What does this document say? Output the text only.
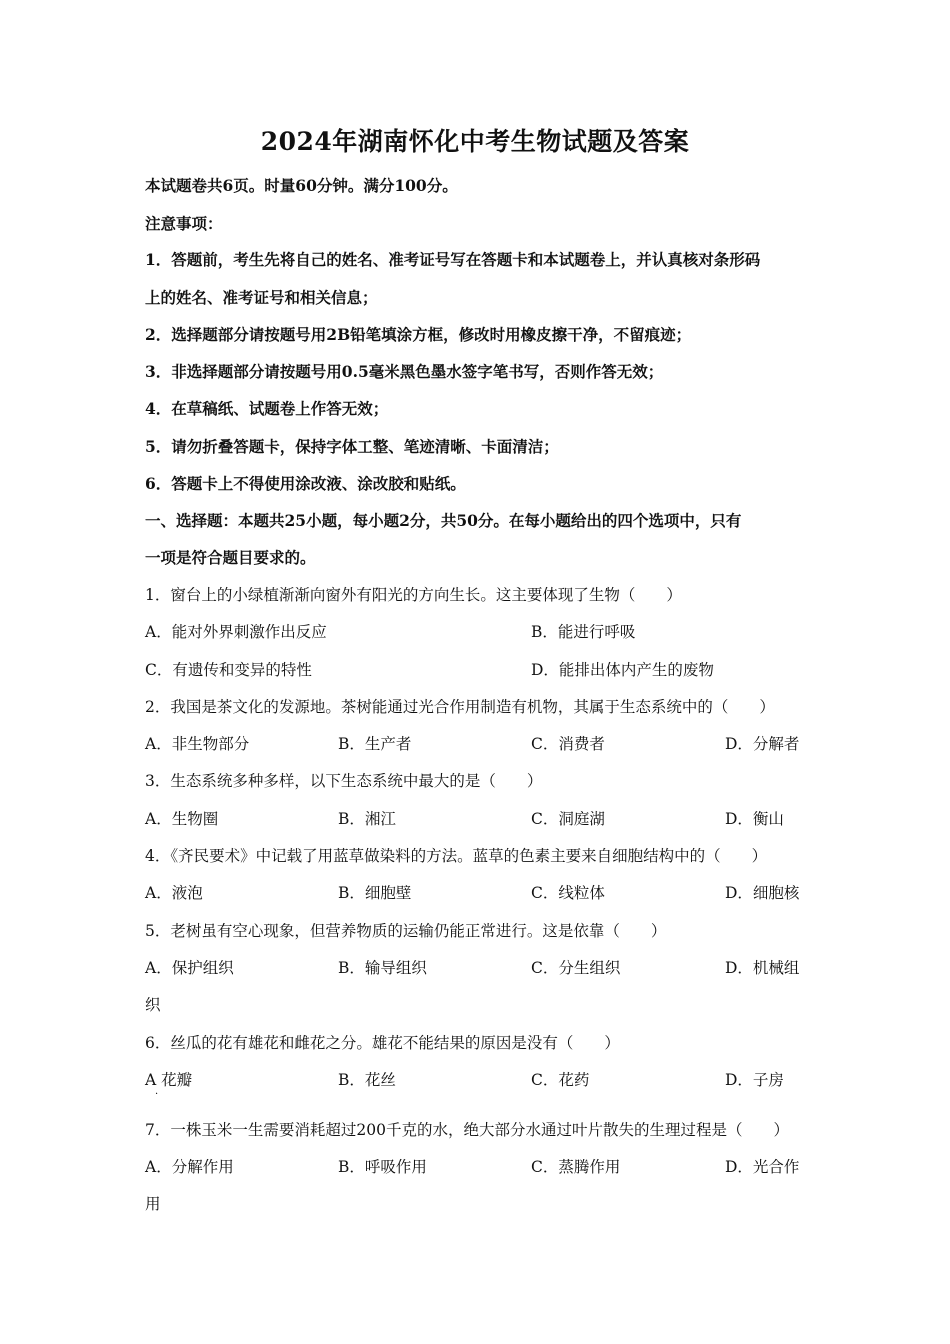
2024年湖南怀化中考生物试题及答案
本试题卷共6页。时量60分钟。满分100分。
注意事项：
1．答题前，考生先将自己的姓名、准考证号写在答题卡和本试题卷上，并认真核对条形码
上的姓名、准考证号和相关信息；
2．选择题部分请按题号用2B铅笔填涂方框，修改时用橡皮擦干净，不留痕迹；
3．非选择题部分请按题号用0.5毫米黑色墨水签字笔书写，否则作答无效；
4．在草稿纸、试题卷上作答无效；
5．请勿折叠答题卡，保持字体工整、笔迹清晰、卡面清洁；
6．答题卡上不得使用涂改液、涂改胶和贴纸。
一、选择题：本题共25小题，每小题2分，共50分。在每小题给出的四个选项中，只有
一项是符合题目要求的。
1．窗台上的小绿植渐渐向窗外有阳光的方向生长。这主要体现了生物（　　）
A．能对外界刺激作出反应	B．能进行呼吸
C．有遗传和变异的特性	D．能排出体内产生的废物
2．我国是茶文化的发源地。茶树能通过光合作用制造有机物，其属于生态系统中的（　　）
A．非生物部分	B．生产者	C．消费者	D．分解者
3．生态系统多种多样，以下生态系统中最大的是（　　）
A．生物圈	B．湘江	C．洞庭湖	D．衡山
4．《齐民要术》中记载了用蓝草做染料的方法。蓝草的色素主要来自细胞结构中的（　　）
A．液泡	B．细胞壁	C．线粒体	D．细胞核
5．老树虽有空心现象，但营养物质的运输仍能正常进行。这是依靠（　　）
A．保护组织	B．输导组织	C．分生组织	D．机械组
织
6．丝瓜的花有雄花和雌花之分。雄花不能结果的原因是没有（　　）
A 花瓣
·
B．花丝	C．花药	D．子房
7．一株玉米一生需要消耗超过200千克的水，绝大部分水通过叶片散失的生理过程是（　　）
A．分解作用	B．呼吸作用	C．蒸腾作用	D．光合作
用
